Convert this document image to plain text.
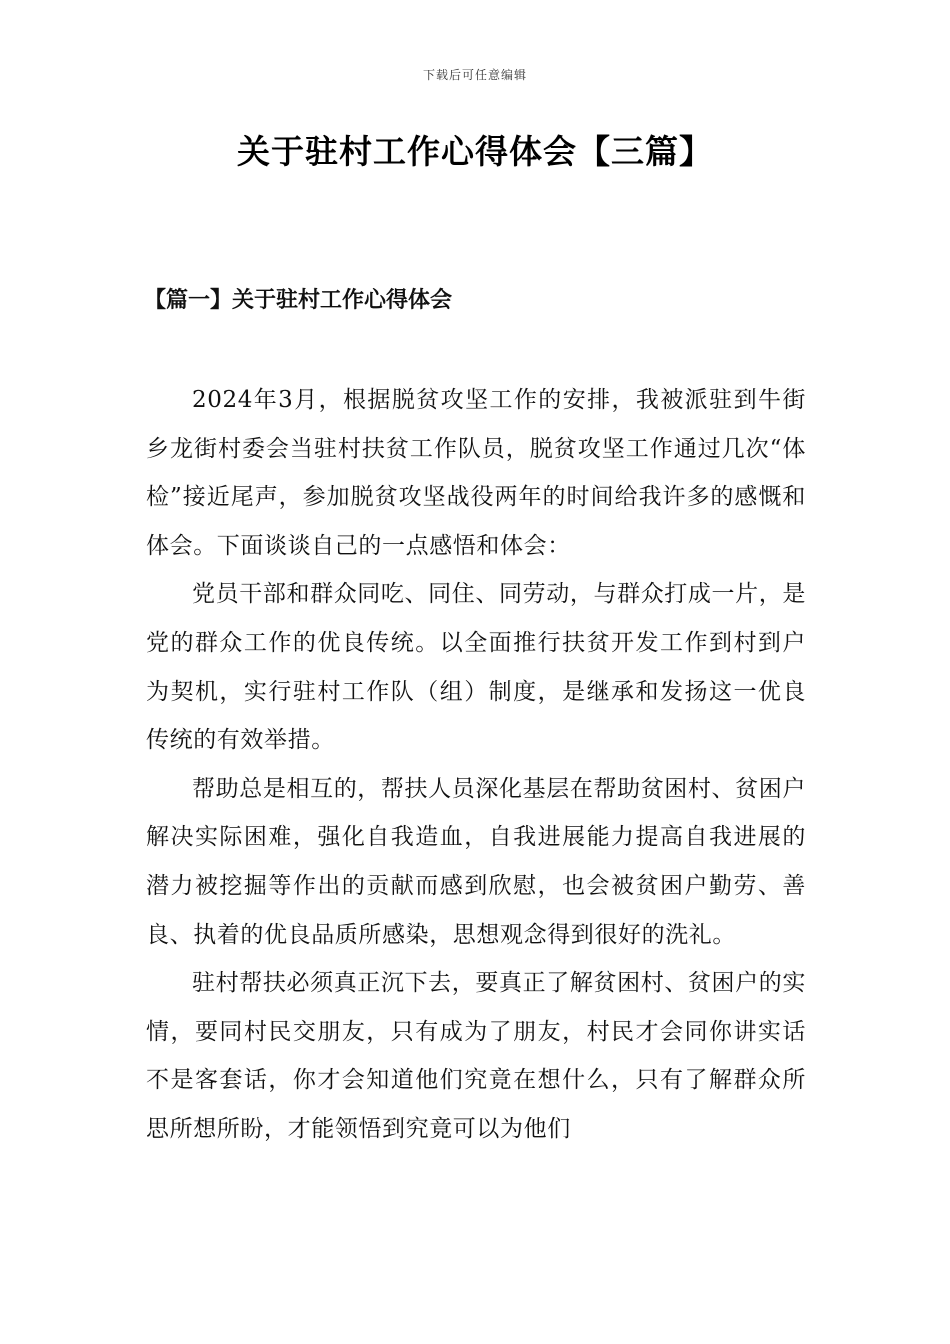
下载后可任意编辑
关于驻村工作心得体会【三篇】
【篇一】关于驻村工作心得体会

2024年3月，根据脱贫攻坚工作的安排，我被派驻到牛街乡龙街村委会当驻村扶贫工作队员，脱贫攻坚工作通过几次“体检”接近尾声，参加脱贫攻坚战役两年的时间给我许多的感慨和体会。下面谈谈自己的一点感悟和体会：

党员干部和群众同吃、同住、同劳动，与群众打成一片，是党的群众工作的优良传统。以全面推行扶贫开发工作到村到户为契机，实行驻村工作队（组）制度，是继承和发扬这一优良传统的有效举措。

帮助总是相互的，帮扶人员深化基层在帮助贫困村、贫困户解决实际困难，强化自我造血，自我进展能力提高自我进展的潜力被挖掘等作出的贡献而感到欣慰，也会被贫困户勤劳、善良、执着的优良品质所感染，思想观念得到很好的洗礼。

驻村帮扶必须真正沉下去，要真正了解贫困村、贫困户的实情，要同村民交朋友，只有成为了朋友，村民才会同你讲实话不是客套话，你才会知道他们究竟在想什么，只有了解群众所思所想所盼，才能领悟到究竟可以为他们
